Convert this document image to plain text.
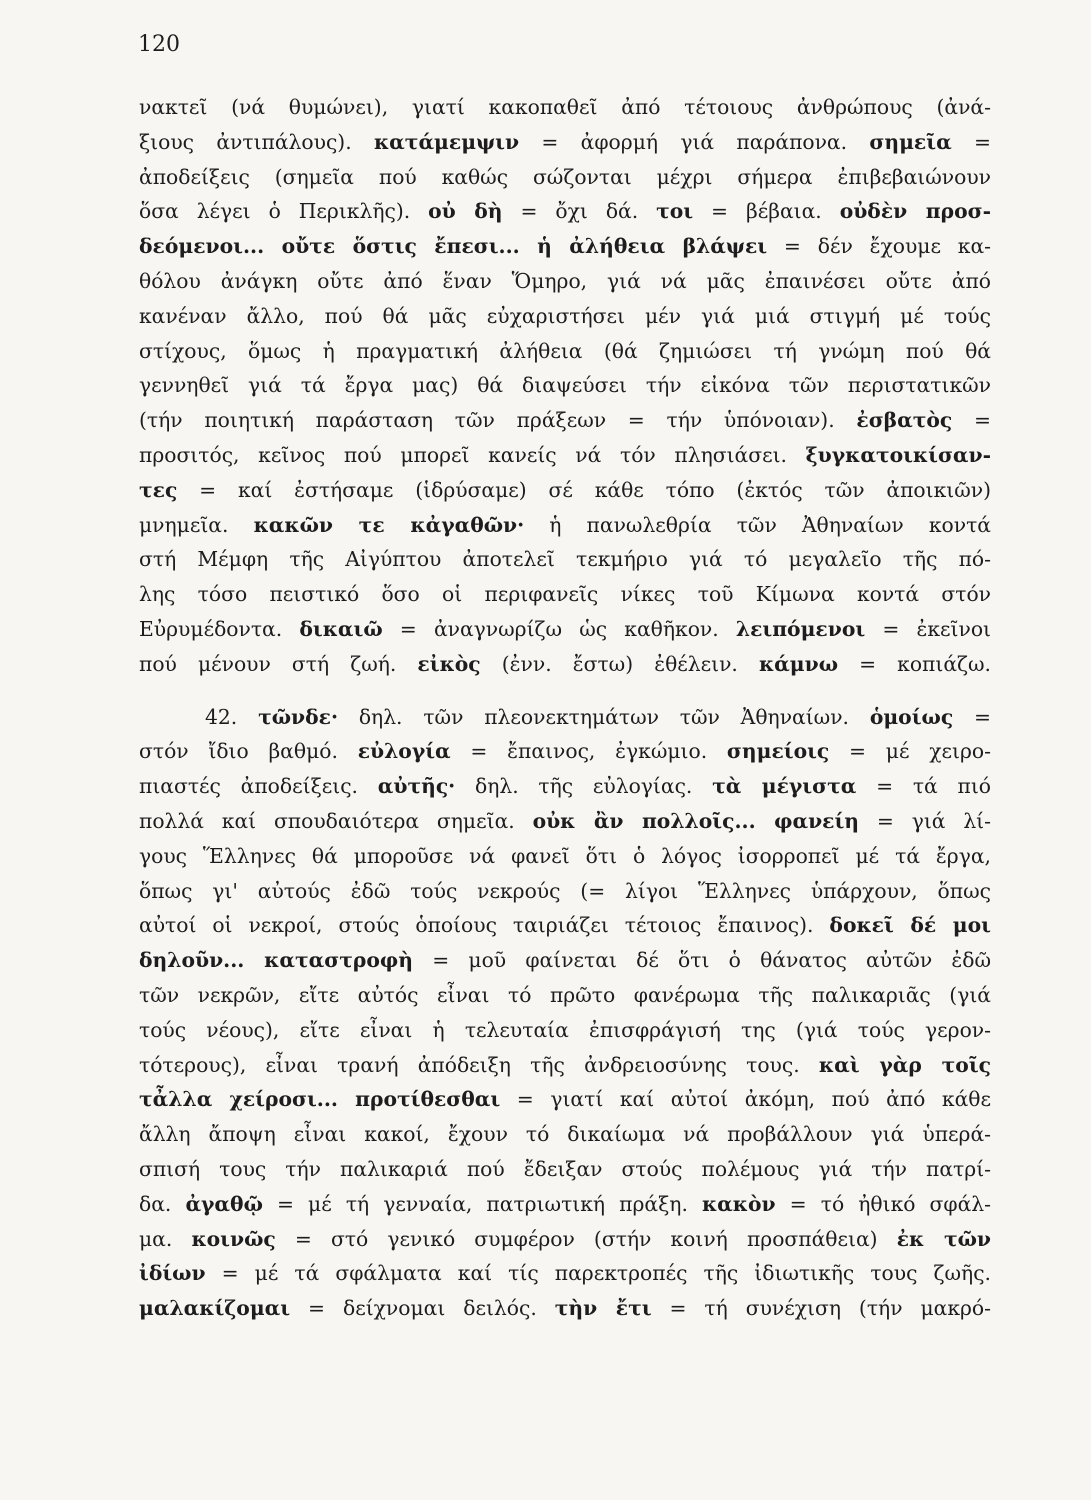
120
νακτεῖ (νά θυμώνει), γιατί κακοπαθεῖ ἀπό τέτοιους ἀνθρώπους (ἀνά-
ξιους ἀντιπάλους). κατάμεμψιν = ἀφορμή γιά παράπονα. σημεῖα =
ἀποδείξεις (σημεῖα πού καθώς σώζονται μέχρι σήμερα ἐπιβεβαιώνουν
ὅσα λέγει ὁ Περικλῆς). οὐ δὴ = ὄχι δά. τοι = βέβαια. οὐδὲν προσ-
δεόμενοι... οὔτε ὅστις ἔπεσι... ἡ ἀλήθεια βλάψει = δέν ἔχουμε κα-
θόλου ἀνάγκη οὔτε ἀπό ἕναν Ὅμηρο, γιά νά μᾶς ἐπαινέσει οὔτε ἀπό
κανέναν ἄλλο, πού θά μᾶς εὐχαριστήσει μέν γιά μιά στιγμή μέ τούς
στίχους, ὅμως ἡ πραγματική ἀλήθεια (θά ζημιώσει τή γνώμη πού θά
γεννηθεῖ γιά τά ἔργα μας) θά διαψεύσει τήν εἰκόνα τῶν περιστατικῶν
(τήν ποιητική παράσταση τῶν πράξεων = τήν ὑπόνοιαν). ἐσβατὸς =
προσιτός, κεῖνος πού μπορεῖ κανείς νά τόν πλησιάσει. ξυγκατοικίσαν-
τες = καί ἐστήσαμε (ἱδρύσαμε) σέ κάθε τόπο (ἐκτός τῶν ἀποικιῶν)
μνημεῖα. κακῶν τε κἀγαθῶν· ἡ πανωλεθρία τῶν Ἀθηναίων κοντά
στή Μέμφη τῆς Αἰγύπτου ἀποτελεῖ τεκμήριο γιά τό μεγαλεῖο τῆς πό-
λης τόσο πειστικό ὅσο οἱ περιφανεῖς νίκες τοῦ Κίμωνα κοντά στόν
Εὐρυμέδοντα. δικαιῶ = ἀναγνωρίζω ὡς καθῆκον. λειπόμενοι = ἐκεῖνοι
πού μένουν στή ζωή. εἰκὸς (ἐνν. ἔστω) ἐθέλειν. κάμνω = κοπιάζω.
42. τῶνδε· δηλ. τῶν πλεονεκτημάτων τῶν Ἀθηναίων. ὁμοίως =
στόν ἴδιο βαθμό. εὐλογία = ἔπαινος, ἐγκώμιο. σημείοις = μέ χειρο-
πιαστές ἀποδείξεις. αὐτῆς· δηλ. τῆς εὐλογίας. τὰ μέγιστα = τά πιό
πολλά καί σπουδαιότερα σημεῖα. οὐκ ἂν πολλοῖς... φανείη = γιά λί-
γους Ἕλληνες θά μποροῦσε νά φανεῖ ὅτι ὁ λόγος ἰσορροπεῖ μέ τά ἔργα,
ὅπως γι' αὐτούς ἐδῶ τούς νεκρούς (= λίγοι Ἕλληνες ὑπάρχουν, ὅπως
αὐτοί οἱ νεκροί, στούς ὁποίους ταιριάζει τέτοιος ἔπαινος). δοκεῖ δέ μοι
δηλοῦν... καταστροφὴ = μοῦ φαίνεται δέ ὅτι ὁ θάνατος αὐτῶν ἐδῶ
τῶν νεκρῶν, εἴτε αὐτός εἶναι τό πρῶτο φανέρωμα τῆς παλικαριᾶς (γιά
τούς νέους), εἴτε εἶναι ἡ τελευταία ἐπισφράγισή της (γιά τούς γερον-
τότερους), εἶναι τρανή ἀπόδειξη τῆς ἀνδρειοσύνης τους. καὶ γὰρ τοῖς
τἆλλα χείροσι... προτίθεσθαι = γιατί καί αὐτοί ἀκόμη, πού ἀπό κάθε
ἄλλη ἄποψη εἶναι κακοί, ἔχουν τό δικαίωμα νά προβάλλουν γιά ὑπερά-
σπισή τους τήν παλικαριά πού ἔδειξαν στούς πολέμους γιά τήν πατρί-
δα. ἀγαθῷ = μέ τή γενναία, πατριωτική πράξη. κακὸν = τό ἠθικό σφάλ-
μα. κοινῶς = στό γενικό συμφέρον (στήν κοινή προσπάθεια) ἐκ τῶν
ἰδίων = μέ τά σφάλματα καί τίς παρεκτροπές τῆς ἰδιωτικῆς τους ζωῆς.
μαλακίζομαι = δείχνομαι δειλός. τὴν ἔτι = τή συνέχιση (τήν μακρό-
